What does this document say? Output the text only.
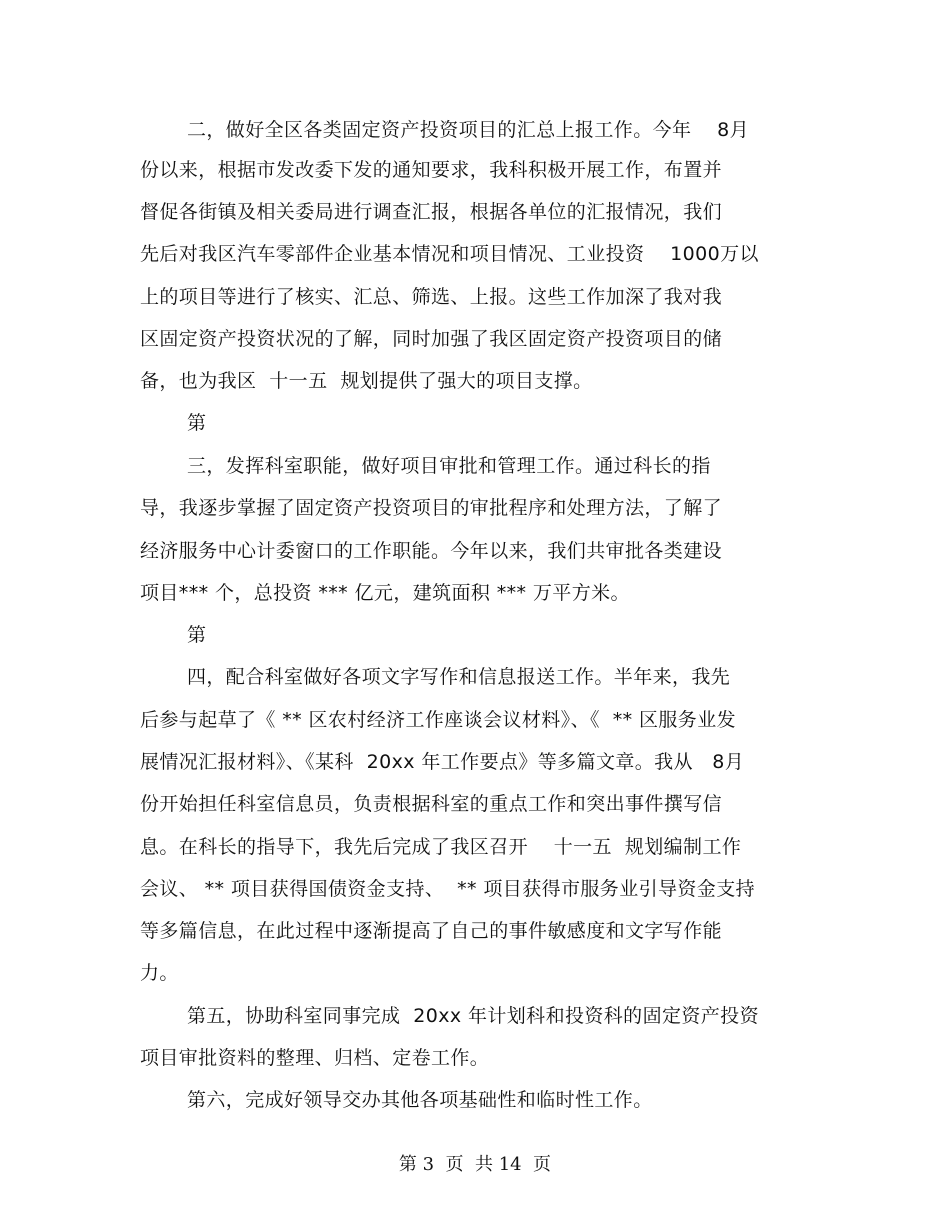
二，做好全区各类固定资产投资项目的汇总上报工作。今年    8月
份以来，根据市发改委下发的通知要求，我科积极开展工作，布置并
督促各街镇及相关委局进行调查汇报，根据各单位的汇报情况，我们
先后对我区汽车零部件企业基本情况和项目情况、工业投资    1000万以
上的项目等进行了核实、汇总、筛选、上报。这些工作加深了我对我
区固定资产投资状况的了解，同时加强了我区固定资产投资项目的储
备，也为我区  十一五  规划提供了强大的项目支撑。
第
三，发挥科室职能，做好项目审批和管理工作。通过科长的指
导，我逐步掌握了固定资产投资项目的审批程序和处理方法，了解了
经济服务中心计委窗口的工作职能。今年以来，我们共审批各类建设
项目*** 个，总投资 *** 亿元，建筑面积 *** 万平方米。
第
四，配合科室做好各项文字写作和信息报送工作。半年来，我先
后参与起草了《 ** 区农村经济工作座谈会议材料》、《  ** 区服务业发
展情况汇报材料》、《某科  20xx 年工作要点》等多篇文章。我从   8月
份开始担任科室信息员，负责根据科室的重点工作和突出事件撰写信
息。在科长的指导下，我先后完成了我区召开    十一五  规划编制工作
会议、 ** 项目获得国债资金支持、  ** 项目获得市服务业引导资金支持
等多篇信息，在此过程中逐渐提高了自己的事件敏感度和文字写作能
力。
第五，协助科室同事完成  20xx 年计划科和投资科的固定资产投资
项目审批资料的整理、归档、定卷工作。
第六，完成好领导交办其他各项基础性和临时性工作。
第 3  页  共 14  页
